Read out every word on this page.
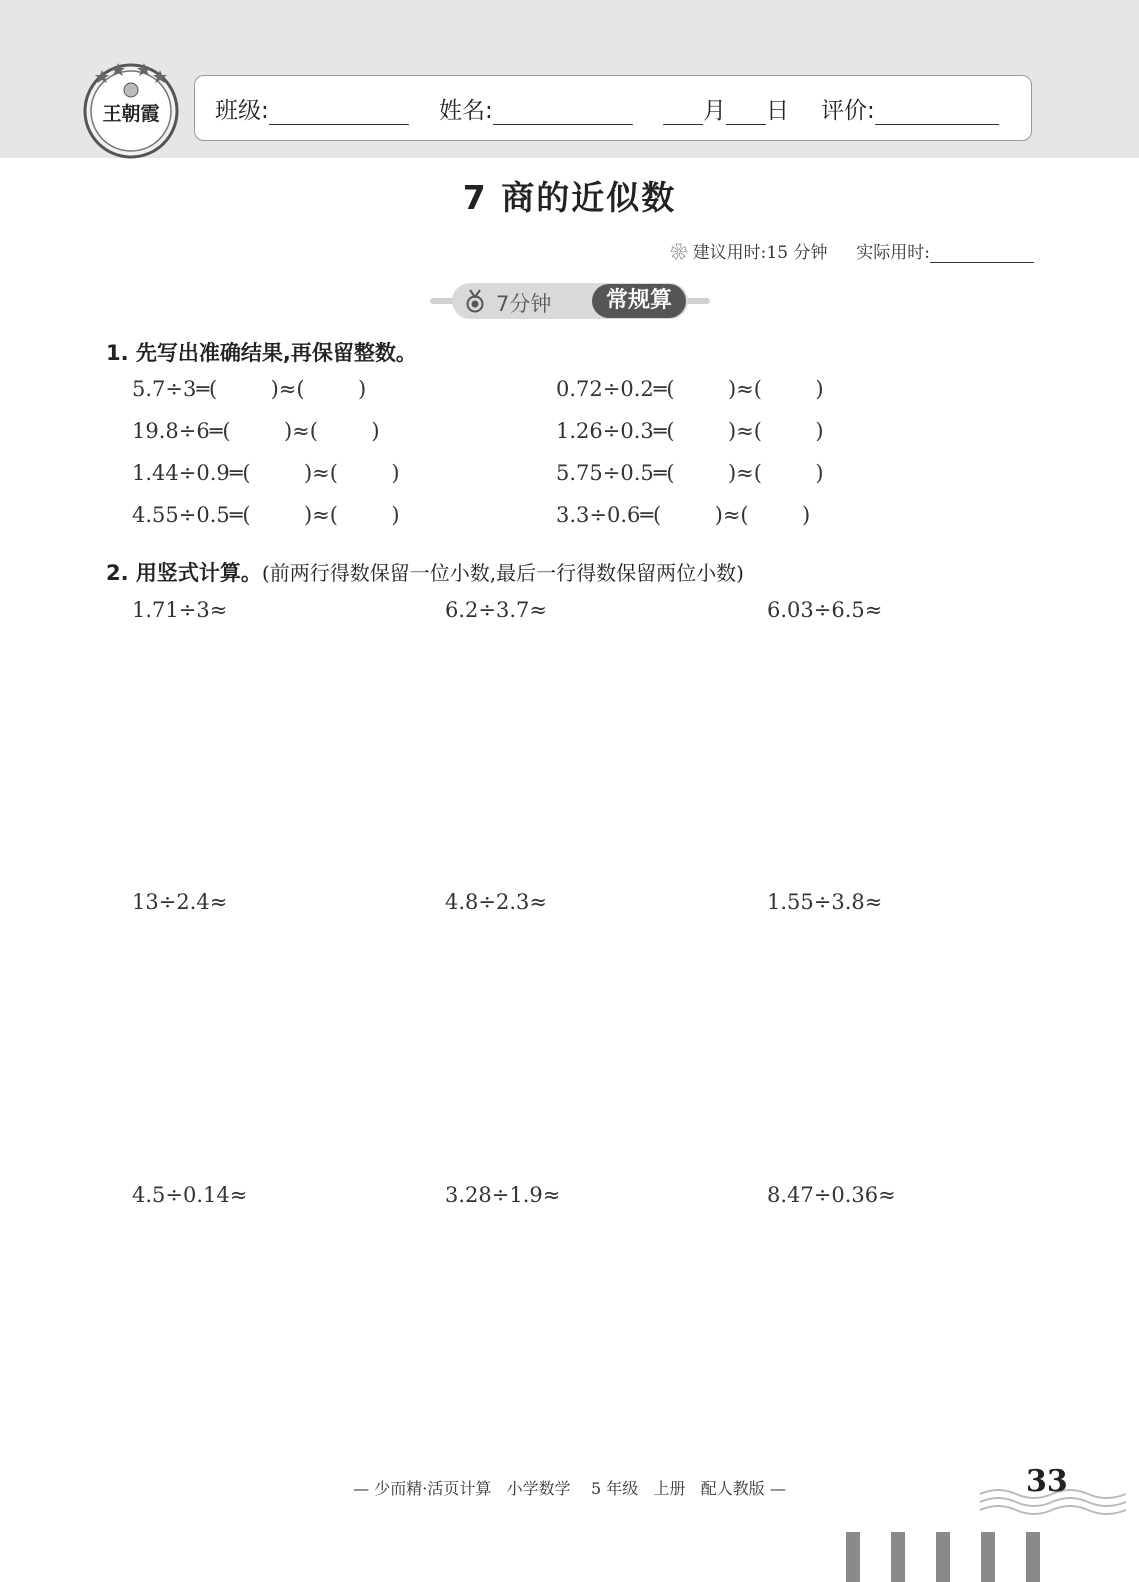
王朝霞 班级:	姓名:	月 日 评价:
7 商的近似数
❀ 建议用时:15 分钟 实际用时:
7分钟	常规算
1. 先写出准确结果,再保留整数。
5.7÷3═(        )≈(        )	0.72÷0.2═(        )≈(        )
19.8÷6═(        )≈(        )	1.26÷0.3═(        )≈(        )
1.44÷0.9═(        )≈(        )	5.75÷0.5═(        )≈(        )
4.55÷0.5═(        )≈(        )	3.3÷0.6═(        )≈(        )
2. 用竖式计算。(前两行得数保留一位小数,最后一行得数保留两位小数)
1.71÷3≈	6.2÷3.7≈	6.03÷6.5≈
13÷2.4≈	4.8÷2.3≈	1.55÷3.8≈
4.5÷0.14≈	3.28÷1.9≈	8.47÷0.36≈
— 少而精·活页计算   小学数学    5 年级   上册   配人教版 —	33
